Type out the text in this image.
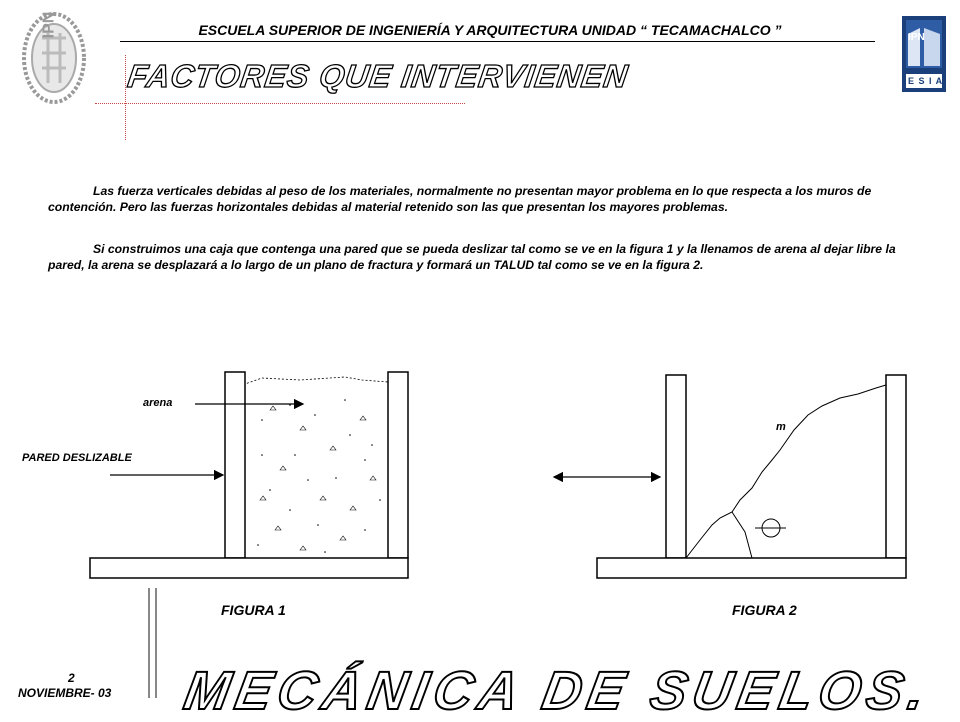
IPN	ESCUELA SUPERIOR DE INGENIERÍA Y ARQUITECTURA UNIDAD “ TECAMACHALCO ”	IPN
E S I A
FACTORES QUE INTERVIENEN
Las fuerza verticales debidas al peso de los materiales, normalmente no presentan mayor problema en lo que respecta a los muros de contención. Pero las fuerzas horizontales debidas al material retenido son las que presentan los mayores problemas.
Si construimos una caja que contenga una pared que se pueda deslizar tal como se ve en la figura 1 y la llenamos de arena al dejar libre la pared, la arena se desplazará a lo largo de un plano de fractura y formará un TALUD tal como se ve en la figura 2.
arena
PARED DESLIZABLE
FIGURA 1
m
FIGURA 2
2
NOVIEMBRE- 03 MECÁNICA DE SUELOS.
